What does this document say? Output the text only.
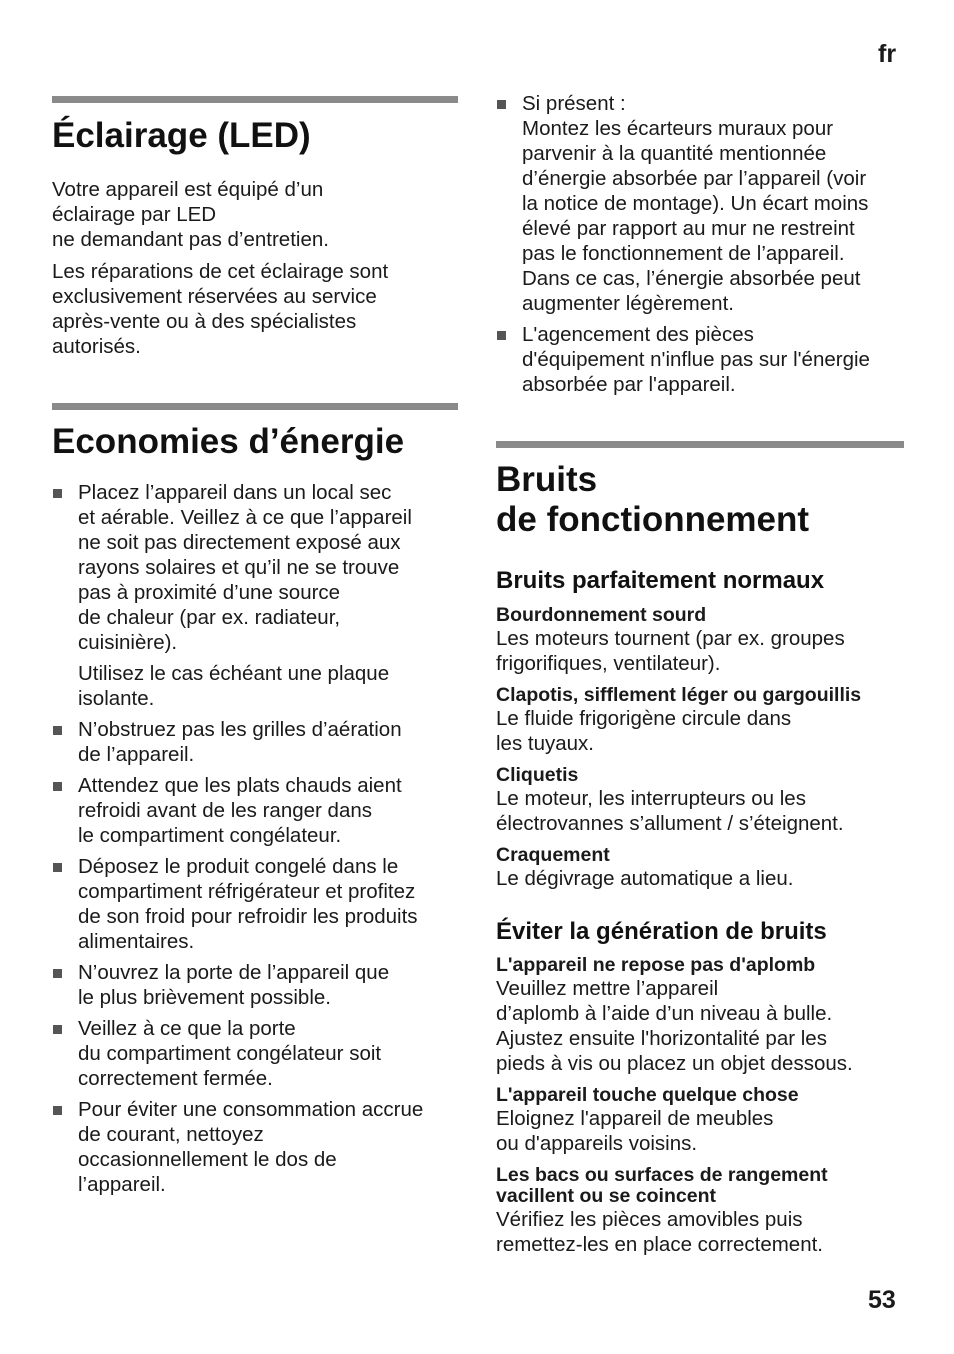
fr
Éclairage (LED)

Votre appareil est équipé d’un
éclairage par LED
ne demandant pas d’entretien.

Les réparations de cet éclairage sont
exclusivement réservées au service
après-vente ou à des spécialistes
autorisés.

Economies d’énergie
Placez l’appareil dans un local sec
et aérable. Veillez à ce que l’appareil
ne soit pas directement exposé aux
rayons solaires et qu’il ne se trouve
pas à proximité d’une source
de chaleur (par ex. radiateur,
cuisinière).
Utilisez le cas échéant une plaque
isolante.
N’obstruez pas les grilles d’aération
de l’appareil.
Attendez que les plats chauds aient
refroidi avant de les ranger dans
le compartiment congélateur.
Déposez le produit congelé dans le
compartiment réfrigérateur et profitez
de son froid pour refroidir les produits
alimentaires.
N’ouvrez la porte de l’appareil que
le plus brièvement possible.
Veillez à ce que la porte
du compartiment congélateur soit
correctement fermée.
Pour éviter une consommation accrue
de courant, nettoyez
occasionnellement le dos de
l’appareil.
Si présent :
Montez les écarteurs muraux pour
parvenir à la quantité mentionnée
d’énergie absorbée par l’appareil (voir
la notice de montage). Un écart moins
élevé par rapport au mur ne restreint
pas le fonctionnement de l’appareil.
Dans ce cas, l’énergie absorbée peut
augmenter légèrement.
L'agencement des pièces
d'équipement n'influe pas sur l'énergie
absorbée par l'appareil.
Bruits
de fonctionnement
Bruits parfaitement normaux
Bourdonnement sourd
Les moteurs tournent (par ex. groupes
frigorifiques, ventilateur).
Clapotis, sifflement léger ou gargouillis
Le fluide frigorigène circule dans
les tuyaux.
Cliquetis
Le moteur, les interrupteurs ou les
électrovannes s’allument / s’éteignent.
Craquement
Le dégivrage automatique a lieu.
Éviter la génération de bruits
L'appareil ne repose pas d'aplomb
Veuillez mettre l’appareil
d’aplomb à l’aide d’un niveau à bulle.
Ajustez ensuite l'horizontalité par les
pieds à vis ou placez un objet dessous.
L'appareil touche quelque chose
Eloignez l'appareil de meubles
ou d'appareils voisins.
Les bacs ou surfaces de rangement
vacillent ou se coincent
Vérifiez les pièces amovibles puis
remettez-les en place correctement.
53
